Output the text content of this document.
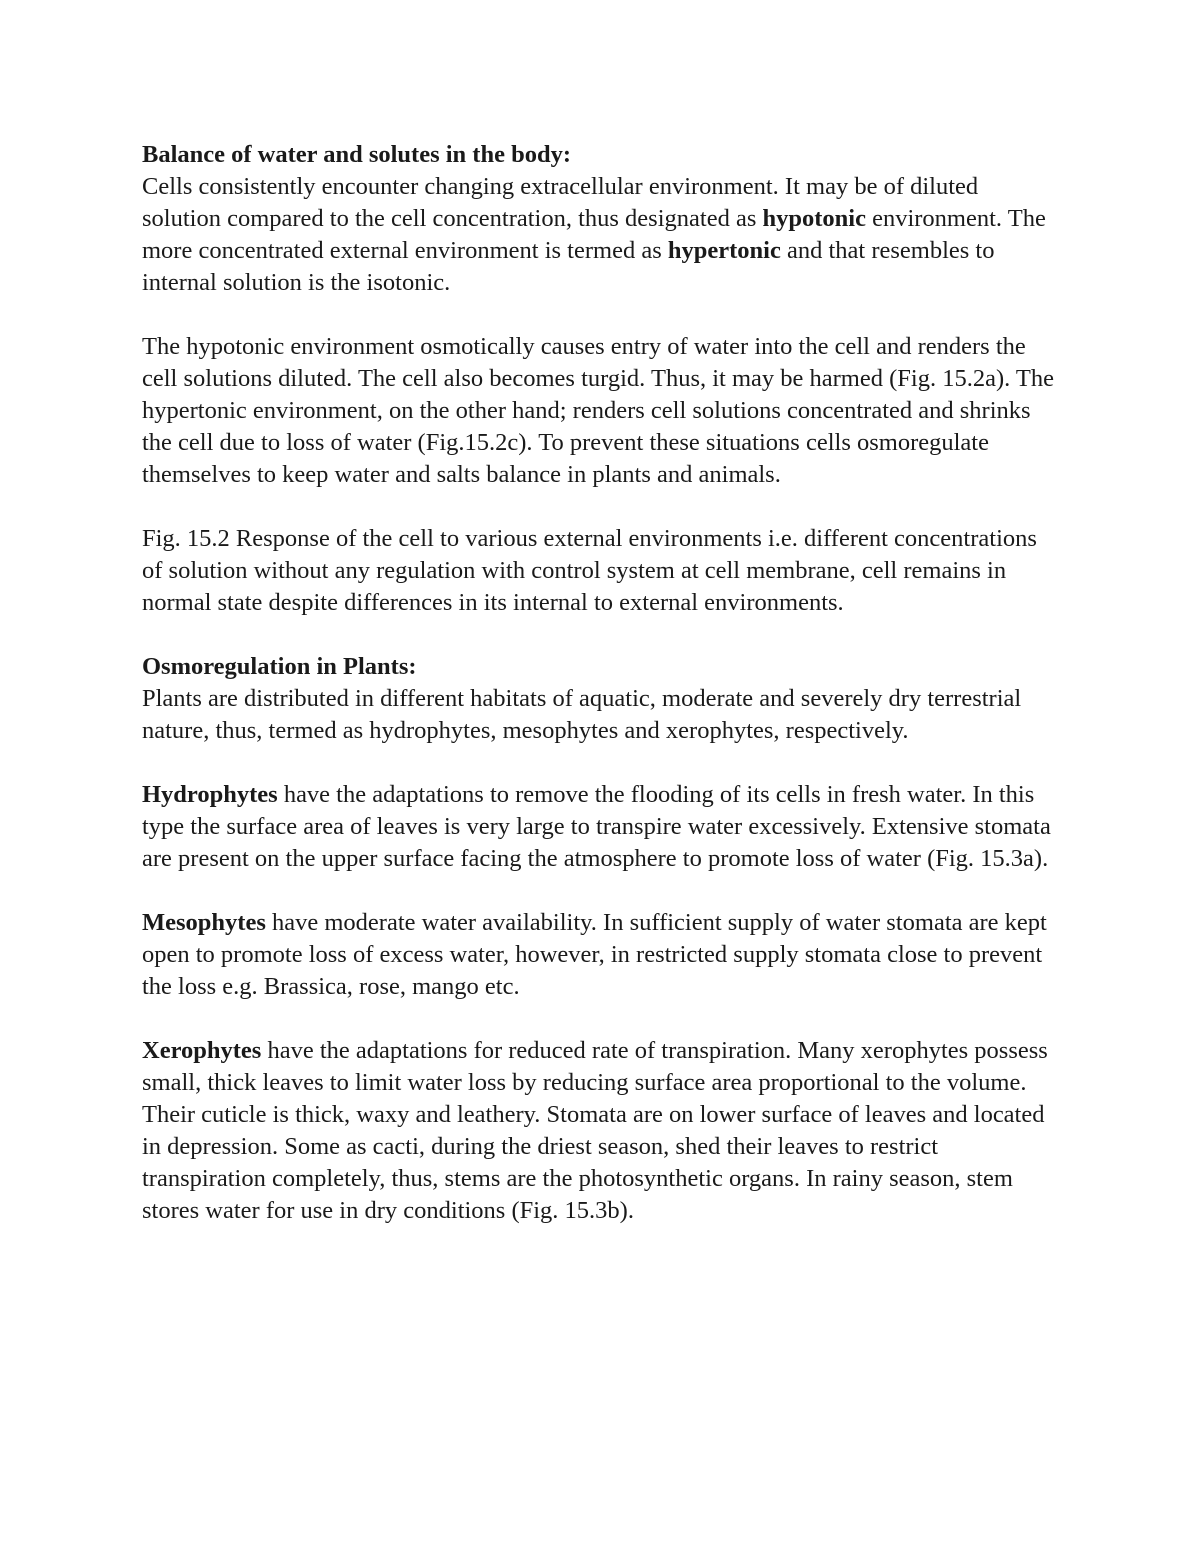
Balance of water and solutes in the body:
Cells consistently encounter changing extracellular environment. It may be of diluted solution compared to the cell concentration, thus designated as hypotonic environment. The more concentrated external environment is termed as hypertonic and that resembles to internal solution is the isotonic.

The hypotonic environment osmotically causes entry of water into the cell and renders the cell solutions diluted. The cell also becomes turgid. Thus, it may be harmed (Fig. 15.2a). The hypertonic environment, on the other hand; renders cell solutions concentrated and shrinks the cell due to loss of water (Fig.15.2c). To prevent these situations cells osmoregulate themselves to keep water and salts balance in plants and animals.

Fig. 15.2 Response of the cell to various external environments i.e. different concentrations of solution without any regulation with control system at cell membrane, cell remains in normal state despite differences in its internal to external environments.

Osmoregulation in Plants:
Plants are distributed in different habitats of aquatic, moderate and severely dry terrestrial nature, thus, termed as hydrophytes, mesophytes and xerophytes, respectively.

Hydrophytes have the adaptations to remove the flooding of its cells in fresh water. In this type the surface area of leaves is very large to transpire water excessively. Extensive stomata are present on the upper surface facing the atmosphere to promote loss of water (Fig. 15.3a).

Mesophytes have moderate water availability. In sufficient supply of water stomata are kept open to promote loss of excess water, however, in restricted supply stomata close to prevent the loss e.g. Brassica, rose, mango etc.

Xerophytes have the adaptations for reduced rate of transpiration. Many xerophytes possess small, thick leaves to limit water loss by reducing surface area proportional to the volume. Their cuticle is thick, waxy and leathery. Stomata are on lower surface of leaves and located in depression. Some as cacti, during the driest season, shed their leaves to restrict transpiration completely, thus, stems are the photosynthetic organs. In rainy season, stem stores water for use in dry conditions (Fig. 15.3b).
